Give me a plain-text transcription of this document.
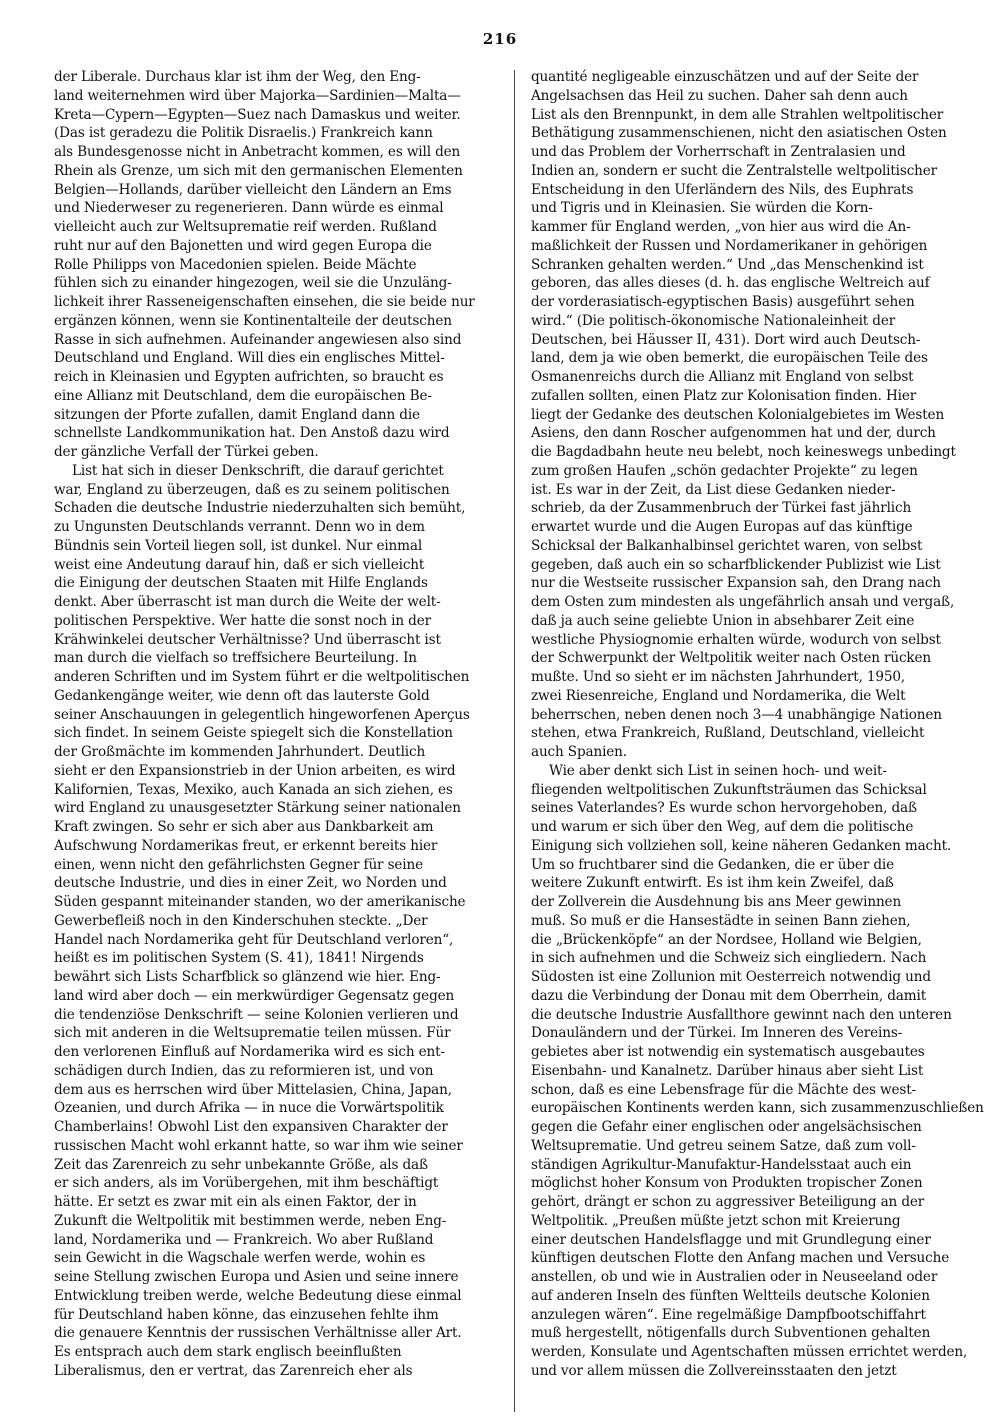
216
der Liberale. Durchaus klar ist ihm der Weg, den Eng-
land weiternehmen wird über Majorka—Sardinien—Malta—
Kreta—Cypern—Egypten—Suez nach Damaskus und weiter.
(Das ist geradezu die Politik Disraelis.) Frankreich kann
als Bundesgenosse nicht in Anbetracht kommen, es will den
Rhein als Grenze, um sich mit den germanischen Elementen
Belgien—Hollands, darüber vielleicht den Ländern an Ems
und Niederweser zu regenerieren. Dann würde es einmal
vielleicht auch zur Weltsuprematie reif werden. Rußland
ruht nur auf den Bajonetten und wird gegen Europa die
Rolle Philipps von Macedonien spielen. Beide Mächte
fühlen sich zu einander hingezogen, weil sie die Unzuläng-
lichkeit ihrer Rasseneigenschaften einsehen, die sie beide nur
ergänzen können, wenn sie Kontinentalteile der deutschen
Rasse in sich aufnehmen. Aufeinander angewiesen also sind
Deutschland und England. Will dies ein englisches Mittel-
reich in Kleinasien und Egypten aufrichten, so braucht es
eine Allianz mit Deutschland, dem die europäischen Be-
sitzungen der Pforte zufallen, damit England dann die
schnellste Landkommunikation hat. Den Anstoß dazu wird
der gänzliche Verfall der Türkei geben.
List hat sich in dieser Denkschrift, die darauf gerichtet
war, England zu überzeugen, daß es zu seinem politischen
Schaden die deutsche Industrie niederzuhalten sich bemüht,
zu Ungunsten Deutschlands verrannt. Denn wo in dem
Bündnis sein Vorteil liegen soll, ist dunkel. Nur einmal
weist eine Andeutung darauf hin, daß er sich vielleicht
die Einigung der deutschen Staaten mit Hilfe Englands
denkt. Aber überrascht ist man durch die Weite der welt-
politischen Perspektive. Wer hatte die sonst noch in der
Krähwinkelei deutscher Verhältnisse? Und überrascht ist
man durch die vielfach so treffsichere Beurteilung. In
anderen Schriften und im System führt er die weltpolitischen
Gedankengänge weiter, wie denn oft das lauterste Gold
seiner Anschauungen in gelegentlich hingeworfenen Aperçus
sich findet. In seinem Geiste spiegelt sich die Konstellation
der Großmächte im kommenden Jahrhundert. Deutlich
sieht er den Expansionstrieb in der Union arbeiten, es wird
Kalifornien, Texas, Mexiko, auch Kanada an sich ziehen, es
wird England zu unausgesetzter Stärkung seiner nationalen
Kraft zwingen. So sehr er sich aber aus Dankbarkeit am
Aufschwung Nordamerikas freut, er erkennt bereits hier
einen, wenn nicht den gefährlichsten Gegner für seine
deutsche Industrie, und dies in einer Zeit, wo Norden und
Süden gespannt miteinander standen, wo der amerikanische
Gewerbefleiß noch in den Kinderschuhen steckte. „Der
Handel nach Nordamerika geht für Deutschland verloren“,
heißt es im politischen System (S. 41), 1841! Nirgends
bewährt sich Lists Scharfblick so glänzend wie hier. Eng-
land wird aber doch — ein merkwürdiger Gegensatz gegen
die tendenziöse Denkschrift — seine Kolonien verlieren und
sich mit anderen in die Weltsuprematie teilen müssen. Für
den verlorenen Einfluß auf Nordamerika wird es sich ent-
schädigen durch Indien, das zu reformieren ist, und von
dem aus es herrschen wird über Mittelasien, China, Japan,
Ozeanien, und durch Afrika — in nuce die Vorwärtspolitik
Chamberlains! Obwohl List den expansiven Charakter der
russischen Macht wohl erkannt hatte, so war ihm wie seiner
Zeit das Zarenreich zu sehr unbekannte Größe, als daß
er sich anders, als im Vorübergehen, mit ihm beschäftigt
hätte. Er setzt es zwar mit ein als einen Faktor, der in
Zukunft die Weltpolitik mit bestimmen werde, neben Eng-
land, Nordamerika und — Frankreich. Wo aber Rußland
sein Gewicht in die Wagschale werfen werde, wohin es
seine Stellung zwischen Europa und Asien und seine innere
Entwicklung treiben werde, welche Bedeutung diese einmal
für Deutschland haben könne, das einzusehen fehlte ihm
die genauere Kenntnis der russischen Verhältnisse aller Art.
Es entsprach auch dem stark englisch beeinflußten
Liberalismus, den er vertrat, das Zarenreich eher als
quantité negligeable einzuschätzen und auf der Seite der
Angelsachsen das Heil zu suchen. Daher sah denn auch
List als den Brennpunkt, in dem alle Strahlen weltpolitischer
Bethätigung zusammenschienen, nicht den asiatischen Osten
und das Problem der Vorherrschaft in Zentralasien und
Indien an, sondern er sucht die Zentralstelle weltpolitischer
Entscheidung in den Uferländern des Nils, des Euphrats
und Tigris und in Kleinasien. Sie würden die Korn-
kammer für England werden, „von hier aus wird die An-
maßlichkeit der Russen und Nordamerikaner in gehörigen
Schranken gehalten werden.“ Und „das Menschenkind ist
geboren, das alles dieses (d. h. das englische Weltreich auf
der vorderasiatisch-egyptischen Basis) ausgeführt sehen
wird.“ (Die politisch-ökonomische Nationaleinheit der
Deutschen, bei Häusser II, 431). Dort wird auch Deutsch-
land, dem ja wie oben bemerkt, die europäischen Teile des
Osmanenreichs durch die Allianz mit England von selbst
zufallen sollten, einen Platz zur Kolonisation finden. Hier
liegt der Gedanke des deutschen Kolonialgebietes im Westen
Asiens, den dann Roscher aufgenommen hat und der, durch
die Bagdadbahn heute neu belebt, noch keineswegs unbedingt
zum großen Haufen „schön gedachter Projekte“ zu legen
ist. Es war in der Zeit, da List diese Gedanken nieder-
schrieb, da der Zusammenbruch der Türkei fast jährlich
erwartet wurde und die Augen Europas auf das künftige
Schicksal der Balkanhalbinsel gerichtet waren, von selbst
gegeben, daß auch ein so scharfblickender Publizist wie List
nur die Westseite russischer Expansion sah, den Drang nach
dem Osten zum mindesten als ungefährlich ansah und vergaß,
daß ja auch seine geliebte Union in absehbarer Zeit eine
westliche Physiognomie erhalten würde, wodurch von selbst
der Schwerpunkt der Weltpolitik weiter nach Osten rücken
mußte. Und so sieht er im nächsten Jahrhundert, 1950,
zwei Riesenreiche, England und Nordamerika, die Welt
beherrschen, neben denen noch 3—4 unabhängige Nationen
stehen, etwa Frankreich, Rußland, Deutschland, vielleicht
auch Spanien.
Wie aber denkt sich List in seinen hoch- und weit-
fliegenden weltpolitischen Zukunftsträumen das Schicksal
seines Vaterlandes? Es wurde schon hervorgehoben, daß
und warum er sich über den Weg, auf dem die politische
Einigung sich vollziehen soll, keine näheren Gedanken macht.
Um so fruchtbarer sind die Gedanken, die er über die
weitere Zukunft entwirft. Es ist ihm kein Zweifel, daß
der Zollverein die Ausdehnung bis ans Meer gewinnen
muß. So muß er die Hansestädte in seinen Bann ziehen,
die „Brückenköpfe“ an der Nordsee, Holland wie Belgien,
in sich aufnehmen und die Schweiz sich eingliedern. Nach
Südosten ist eine Zollunion mit Oesterreich notwendig und
dazu die Verbindung der Donau mit dem Oberrhein, damit
die deutsche Industrie Ausfallthore gewinnt nach den unteren
Donauländern und der Türkei. Im Inneren des Vereins-
gebietes aber ist notwendig ein systematisch ausgebautes
Eisenbahn- und Kanalnetz. Darüber hinaus aber sieht List
schon, daß es eine Lebensfrage für die Mächte des west-
europäischen Kontinents werden kann, sich zusammenzuschließen
gegen die Gefahr einer englischen oder angelsächsischen
Weltsuprematie. Und getreu seinem Satze, daß zum voll-
ständigen Agrikultur-Manufaktur-Handelsstaat auch ein
möglichst hoher Konsum von Produkten tropischer Zonen
gehört, drängt er schon zu aggressiver Beteiligung an der
Weltpolitik. „Preußen müßte jetzt schon mit Kreierung
einer deutschen Handelsflagge und mit Grundlegung einer
künftigen deutschen Flotte den Anfang machen und Versuche
anstellen, ob und wie in Australien oder in Neuseeland oder
auf anderen Inseln des fünften Weltteils deutsche Kolonien
anzulegen wären“. Eine regelmäßige Dampfbootschiffahrt
muß hergestellt, nötigenfalls durch Subventionen gehalten
werden, Konsulate und Agentschaften müssen errichtet werden,
und vor allem müssen die Zollvereinsstaaten den jetzt
